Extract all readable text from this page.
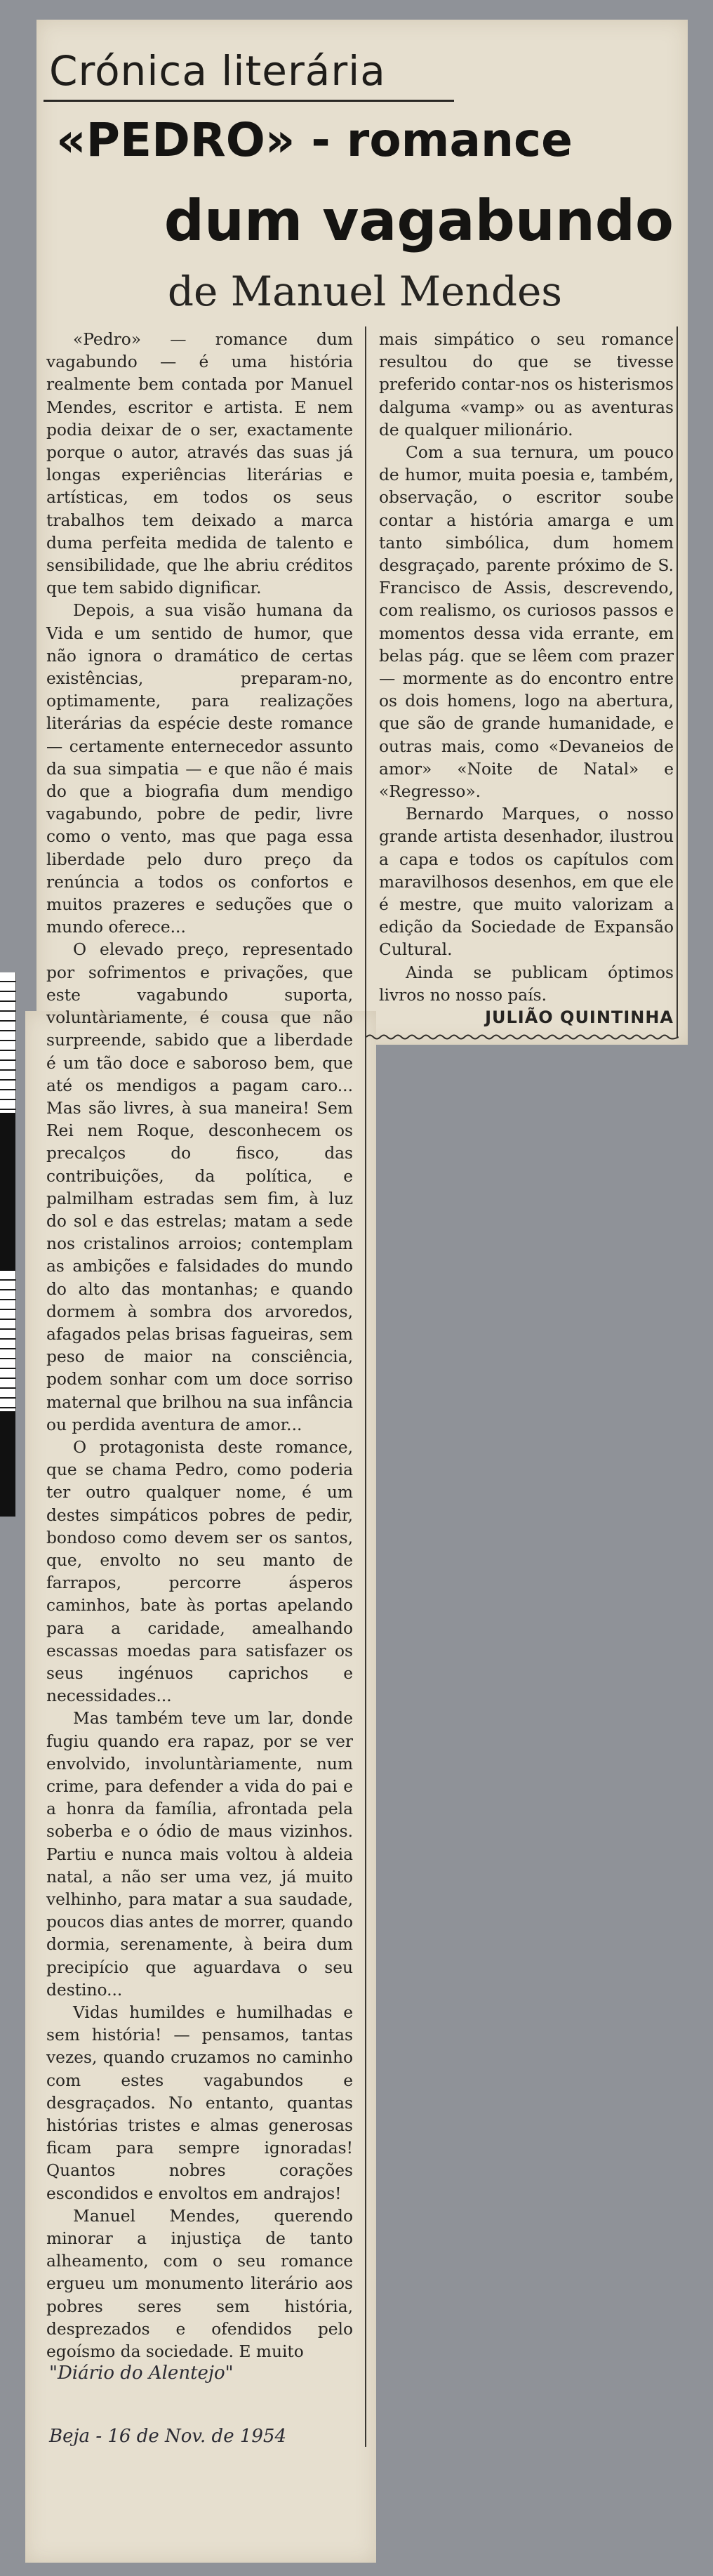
Crónica literária
«PEDRO» - romance
dum vagabundo
de Manuel Mendes

«Pedro» — romance dum vagabundo — é uma história realmente bem contada por Manuel Mendes, escritor e artista. E nem podia deixar de o ser, exactamente porque o autor, através das suas já longas experiências literárias e artísticas, em todos os seus trabalhos tem deixado a marca duma perfeita medida de talento e sensibilidade, que lhe abriu créditos que tem sabido dignificar.

Depois, a sua visão humana da Vida e um sentido de humor, que não ignora o dramático de certas existências, preparam-no, optimamente, para realizações literárias da espécie deste romance — certamente enternecedor assunto da sua simpatia — e que não é mais do que a biografia dum mendigo vagabundo, pobre de pedir, livre como o vento, mas que paga essa liberdade pelo duro preço da renúncia a todos os confortos e muitos prazeres e seduções que o mundo oferece...

O elevado preço, representado por sofrimentos e privações, que este vagabundo suporta, voluntàriamente, é cousa que não surpreende, sabido que a liberdade é um tão doce e saboroso bem, que até os mendigos a pagam caro... Mas são livres, à sua maneira! Sem Rei nem Roque, desconhecem os precalços do fisco, das contribuições, da política, e palmilham estradas sem fim, à luz do sol e das estrelas; matam a sede nos cristalinos arroios; contemplam as ambições e falsidades do mundo do alto das montanhas; e quando dormem à sombra dos arvoredos, afagados pelas brisas fagueiras, sem peso de maior na consciência, podem sonhar com um doce sorriso maternal que brilhou na sua infância ou perdida aventura de amor...

O protagonista deste romance, que se chama Pedro, como poderia ter outro qualquer nome, é um destes simpáticos pobres de pedir, bondoso como devem ser os santos, que, envolto no seu manto de farrapos, percorre ásperos caminhos, bate às portas apelando para a caridade, amealhando escassas moedas para satisfazer os seus ingénuos caprichos e necessidades...

Mas também teve um lar, donde fugiu quando era rapaz, por se ver envolvido, involuntàriamente, num crime, para defender a vida do pai e a honra da família, afrontada pela soberba e o ódio de maus vizinhos. Partiu e nunca mais voltou à aldeia natal, a não ser uma vez, já muito velhinho, para matar a sua saudade, poucos dias antes de morrer, quando dormia, serenamente, à beira dum precipício que aguardava o seu destino...

Vidas humildes e humilhadas e sem história! — pensamos, tantas vezes, quando cruzamos no caminho com estes vagabundos e desgraçados. No entanto, quantas histórias tristes e almas generosas ficam para sempre ignoradas! Quantos nobres corações escondidos e envoltos em andrajos!

Manuel Mendes, querendo minorar a injustiça de tanto alheamento, com o seu romance ergueu um monumento literário aos pobres seres sem história, desprezados e ofendidos pelo egoísmo da sociedade. E muito

mais simpático o seu romance resultou do que se tivesse preferido contar-nos os histerismos dalguma «vamp» ou as aventuras de qualquer milionário.

Com a sua ternura, um pouco de humor, muita poesia e, também, observação, o escritor soube contar a história amarga e um tanto simbólica, dum homem desgraçado, parente próximo de S. Francisco de Assis, descrevendo, com realismo, os curiosos passos e momentos dessa vida errante, em belas pág. que se lêem com prazer — mormente as do encontro entre os dois homens, logo na abertura, que são de grande humanidade, e outras mais, como «Devaneios de amor» «Noite de Natal» e «Regresso».

Bernardo Marques, o nosso grande artista desenhador, ilustrou a capa e todos os capítulos com maravilhosos desenhos, em que ele é mestre, que muito valorizam a edição da Sociedade de Expansão Cultural.

Ainda se publicam óptimos livros no nosso país.

JULIÃO QUINTINHA
"Diário do Alentejo"
Beja - 16 de Nov. de 1954
